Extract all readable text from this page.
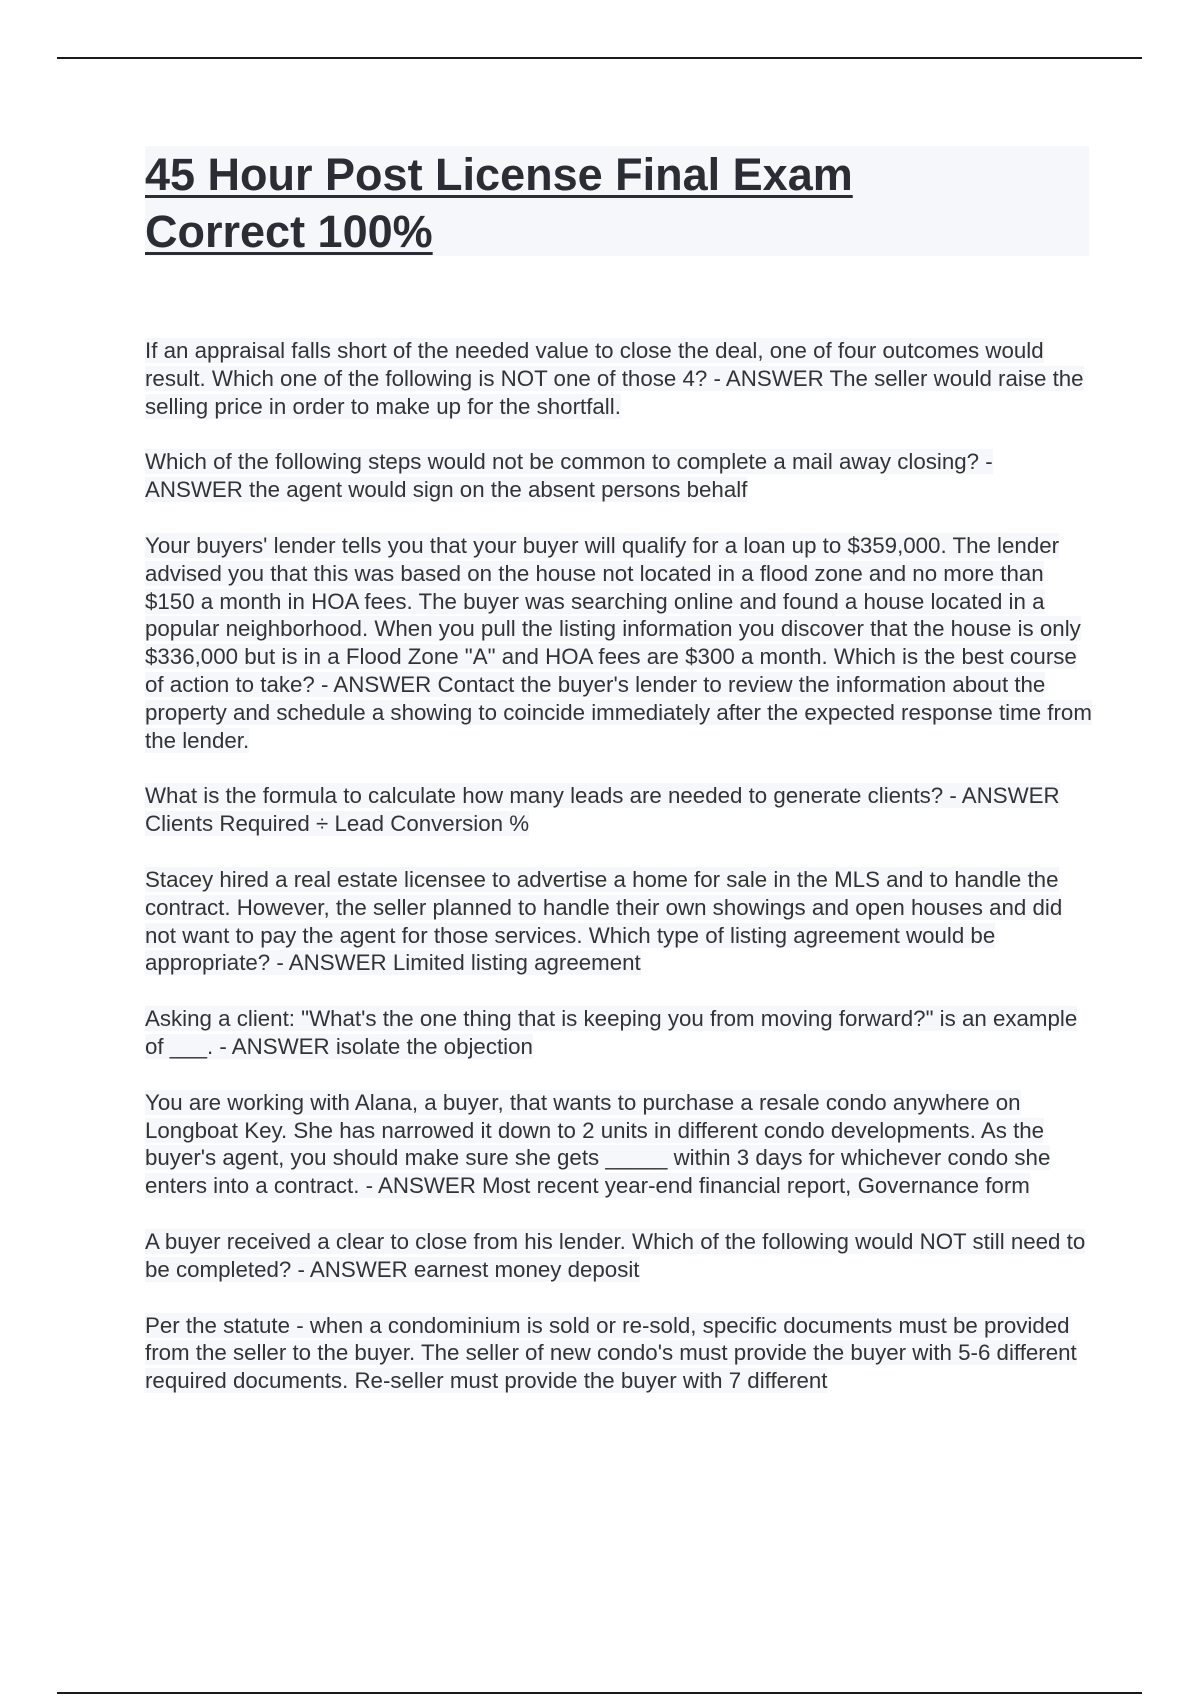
45 Hour Post License Final Exam
Correct 100%

If an appraisal falls short of the needed value to close the deal, one of four outcomes would result. Which one of the following is NOT one of those 4? - ANSWER The seller would raise the selling price in order to make up for the shortfall.

Which of the following steps would not be common to complete a mail away closing? - ANSWER the agent would sign on the absent persons behalf

Your buyers' lender tells you that your buyer will qualify for a loan up to $359,000. The lender advised you that this was based on the house not located in a flood zone and no more than $150 a month in HOA fees. The buyer was searching online and found a house located in a popular neighborhood. When you pull the listing information you discover that the house is only $336,000 but is in a Flood Zone "A" and HOA fees are $300 a month. Which is the best course of action to take? - ANSWER Contact the buyer's lender to review the information about the property and schedule a showing to coincide immediately after the expected response time from the lender.

What is the formula to calculate how many leads are needed to generate clients? - ANSWER Clients Required ÷ Lead Conversion %

Stacey hired a real estate licensee to advertise a home for sale in the MLS and to handle the contract. However, the seller planned to handle their own showings and open houses and did not want to pay the agent for those services. Which type of listing agreement would be appropriate? - ANSWER Limited listing agreement

Asking a client: "What's the one thing that is keeping you from moving forward?" is an example of ___. - ANSWER isolate the objection

You are working with Alana, a buyer, that wants to purchase a resale condo anywhere on Longboat Key. She has narrowed it down to 2 units in different condo developments. As the buyer's agent, you should make sure she gets _____ within 3 days for whichever condo she enters into a contract. - ANSWER Most recent year-end financial report, Governance form

A buyer received a clear to close from his lender. Which of the following would NOT still need to be completed? - ANSWER earnest money deposit

Per the statute - when a condominium is sold or re-sold, specific documents must be provided from the seller to the buyer. The seller of new condo's must provide the buyer with 5-6 different required documents. Re-seller must provide the buyer with 7 different
